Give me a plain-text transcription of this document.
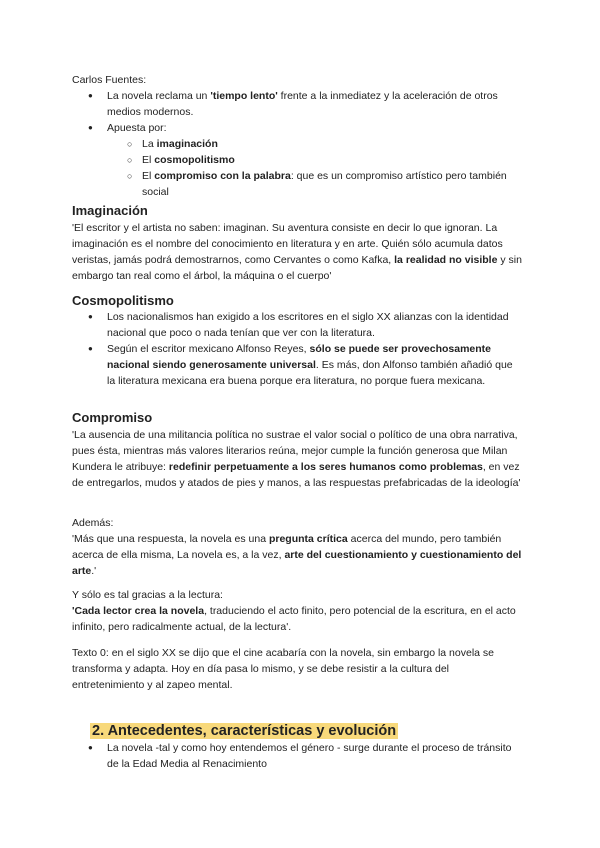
Carlos Fuentes:

● La novela reclama un 'tiempo lento' frente a la inmediatez y la aceleración de otros medios modernos.
● Apuesta por:
○ La imaginación
○ El cosmopolitismo
○ El compromiso con la palabra: que es un compromiso artístico pero también social
Imaginación

'El escritor y el artista no saben: imaginan. Su aventura consiste en decir lo que ignoran. La imaginación es el nombre del conocimiento en literatura y en arte. Quién sólo acumula datos veristas, jamás podrá demostrarnos, como Cervantes o como Kafka, la realidad no visible y sin embargo tan real como el árbol, la máquina o el cuerpo'

Cosmopolitismo
● Los nacionalismos han exigido a los escritores en el siglo XX alianzas con la identidad nacional que poco o nada tenían que ver con la literatura.
● Según el escritor mexicano Alfonso Reyes, sólo se puede ser provechosamente nacional siendo generosamente universal. Es más, don Alfonso también añadió que la literatura mexicana era buena porque era literatura, no porque fuera mexicana.
Compromiso

'La ausencia de una militancia política no sustrae el valor social o político de una obra narrativa, pues ésta, mientras más valores literarios reúna, mejor cumple la función generosa que Milan Kundera le atribuye: redefinir perpetuamente a los seres humanos como problemas, en vez de entregarlos, mudos y atados de pies y manos, a las respuestas prefabricadas de la ideología'

Además:

'Más que una respuesta, la novela es una pregunta crítica acerca del mundo, pero también acerca de ella misma, La novela es, a la vez, arte del cuestionamiento y cuestionamiento del arte.'

Y sólo es tal gracias a la lectura:

'Cada lector crea la novela, traduciendo el acto finito, pero potencial de la escritura, en el acto infinito, pero radicalmente actual, de la lectura'.

Texto 0: en el siglo XX se dijo que el cine acabaría con la novela, sin embargo la novela se transforma y adapta. Hoy en día pasa lo mismo, y se debe resistir a la cultura del entretenimiento y al zapeo mental.

2. Antecedentes, características y evolución
● La novela -tal y como hoy entendemos el género - surge durante el proceso de tránsito de la Edad Media al Renacimiento
